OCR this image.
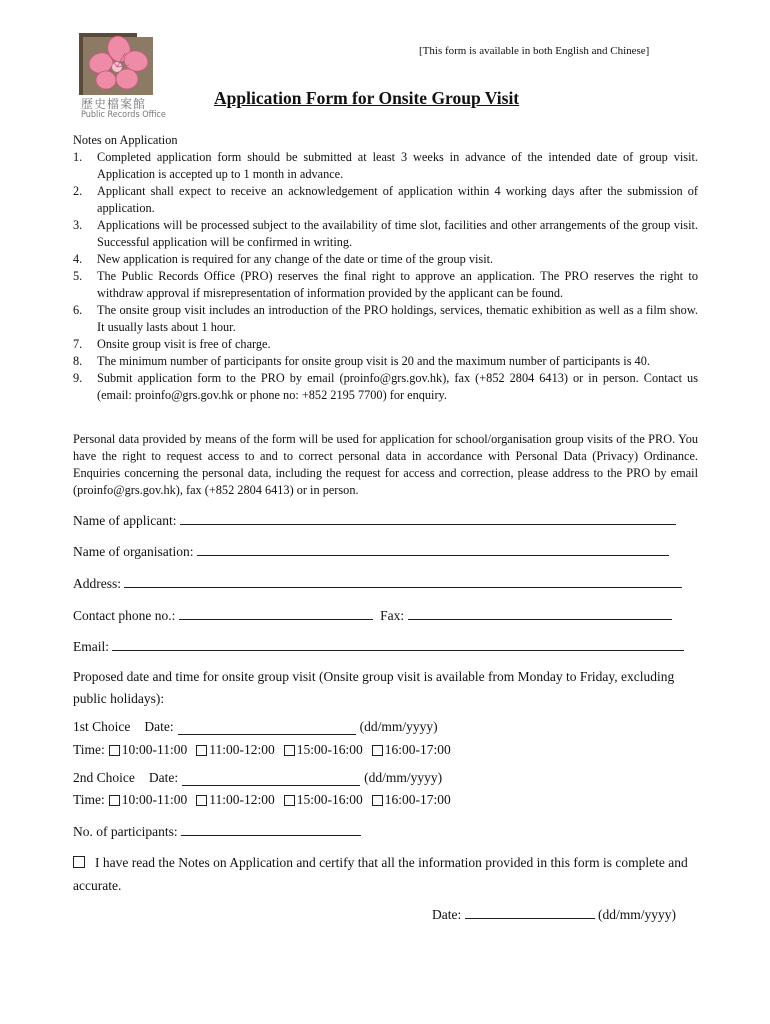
歷史檔案館
Public Records Office
[This form is available in both English and Chinese]
Application Form for Onsite Group Visit
Notes on Application
1. Completed application form should be submitted at least 3 weeks in advance of the intended date of group visit. Application is accepted up to 1 month in advance.
2. Applicant shall expect to receive an acknowledgement of application within 4 working days after the submission of application.
3. Applications will be processed subject to the availability of time slot, facilities and other arrangements of the group visit. Successful application will be confirmed in writing.
4. New application is required for any change of the date or time of the group visit.
5. The Public Records Office (PRO) reserves the final right to approve an application. The PRO reserves the right to withdraw approval if misrepresentation of information provided by the applicant can be found.
6. The onsite group visit includes an introduction of the PRO holdings, services, thematic exhibition as well as a film show. It usually lasts about 1 hour.
7. Onsite group visit is free of charge.
8. The minimum number of participants for onsite group visit is 20 and the maximum number of participants is 40.
9. Submit application form to the PRO by email (proinfo@grs.gov.hk), fax (+852 2804 6413) or in person. Contact us (email: proinfo@grs.gov.hk or phone no: +852 2195 7700) for enquiry.
Personal data provided by means of the form will be used for application for school/organisation group visits of the PRO. You have the right to request access to and to correct personal data in accordance with Personal Data (Privacy) Ordinance. Enquiries concerning the personal data, including the request for access and correction, please address to the PRO by email (proinfo@grs.gov.hk), fax (+852 2804 6413) or in person.
Name of applicant:
Name of organisation:
Address:
Contact phone no.:	Fax:
Email:
Proposed date and time for onsite group visit (Onsite group visit is available from Monday to Friday, excluding public holidays):
1st Choice Date:	(dd/mm/yyyy)
Time: 10:00-11:00 11:00-12:00 15:00-16:00 16:00-17:00
2nd Choice Date:	(dd/mm/yyyy)
Time: 10:00-11:00 11:00-12:00 15:00-16:00 16:00-17:00
No. of participants:
I have read the Notes on Application and certify that all the information provided in this form is complete and accurate.
Date:	(dd/mm/yyyy)
